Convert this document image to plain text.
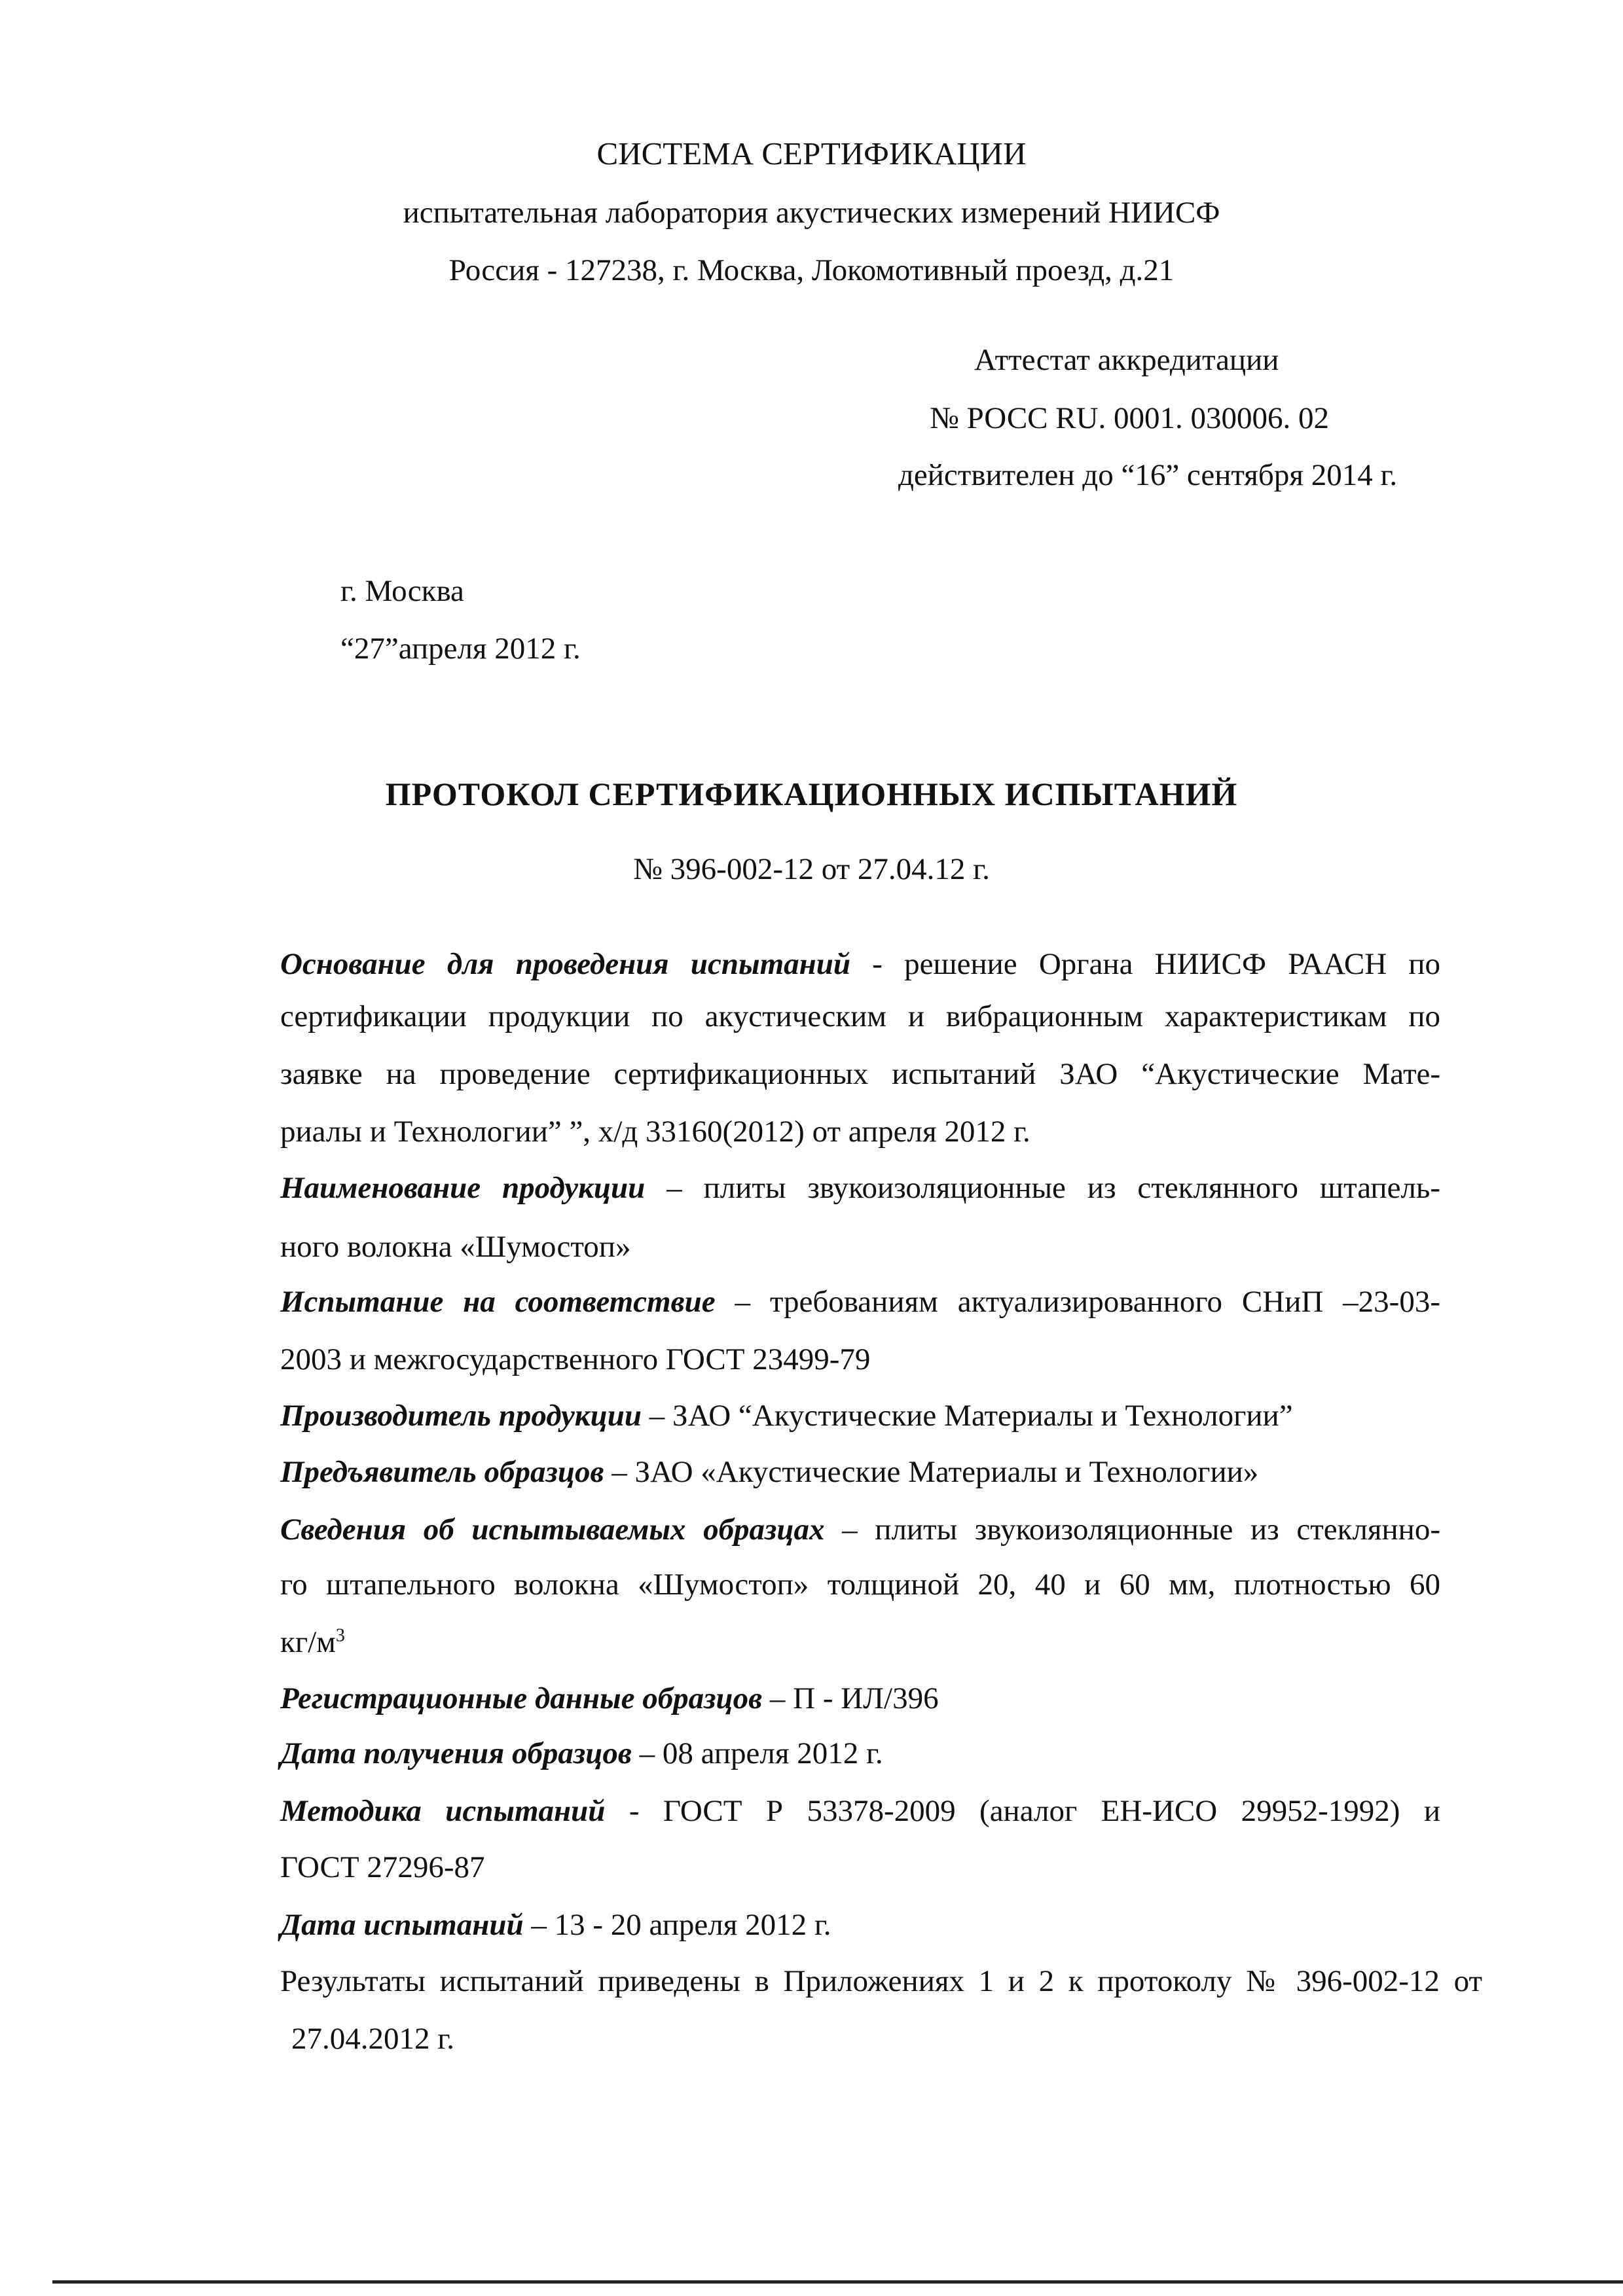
СИСТЕМА СЕРТИФИКАЦИИ
испытательная лаборатория акустических измерений НИИСФ
Россия - 127238, г. Москва, Локомотивный проезд, д.21
Аттестат аккредитации
№ РОСС RU. 0001. 030006. 02
действителен до “16” сентября 2014 г.
г. Москва
“27”апреля 2012 г.
ПРОТОКОЛ СЕРТИФИКАЦИОННЫХ ИСПЫТАНИЙ
№ 396-002-12 от 27.04.12 г.
Основание для проведения испытаний - решение Органа НИИСФ РААСН по
сертификации продукции по акустическим и вибрационным характеристикам по
заявке на проведение сертификационных испытаний ЗАО “Акустические Мате-
риалы и Технологии” ”, х/д 33160(2012) от апреля 2012 г.
Наименование продукции – плиты звукоизоляционные из стеклянного штапель-
ного волокна «Шумостоп»
Испытание на соответствие – требованиям актуализированного СНиП –23-03-
2003 и межгосударственного ГОСТ 23499-79
Производитель продукции – ЗАО “Акустические Материалы и Технологии”
Предъявитель образцов – ЗАО «Акустические Материалы и Технологии»
Сведения об испытываемых образцах – плиты звукоизоляционные из стеклянно-
го штапельного волокна «Шумостоп» толщиной 20, 40 и 60 мм, плотностью 60
$кг/м^3$
Регистрационные данные образцов – П - ИЛ/396
Дата получения образцов – 08 апреля 2012 г.
Методика испытаний - ГОСТ Р 53378-2009 (аналог ЕН-ИСО 29952-1992) и
ГОСТ 27296-87
Дата испытаний – 13 - 20 апреля 2012 г.
Результаты испытаний приведены в Приложениях 1 и 2 к протоколу № 396-002-12 от
27.04.2012 г.
